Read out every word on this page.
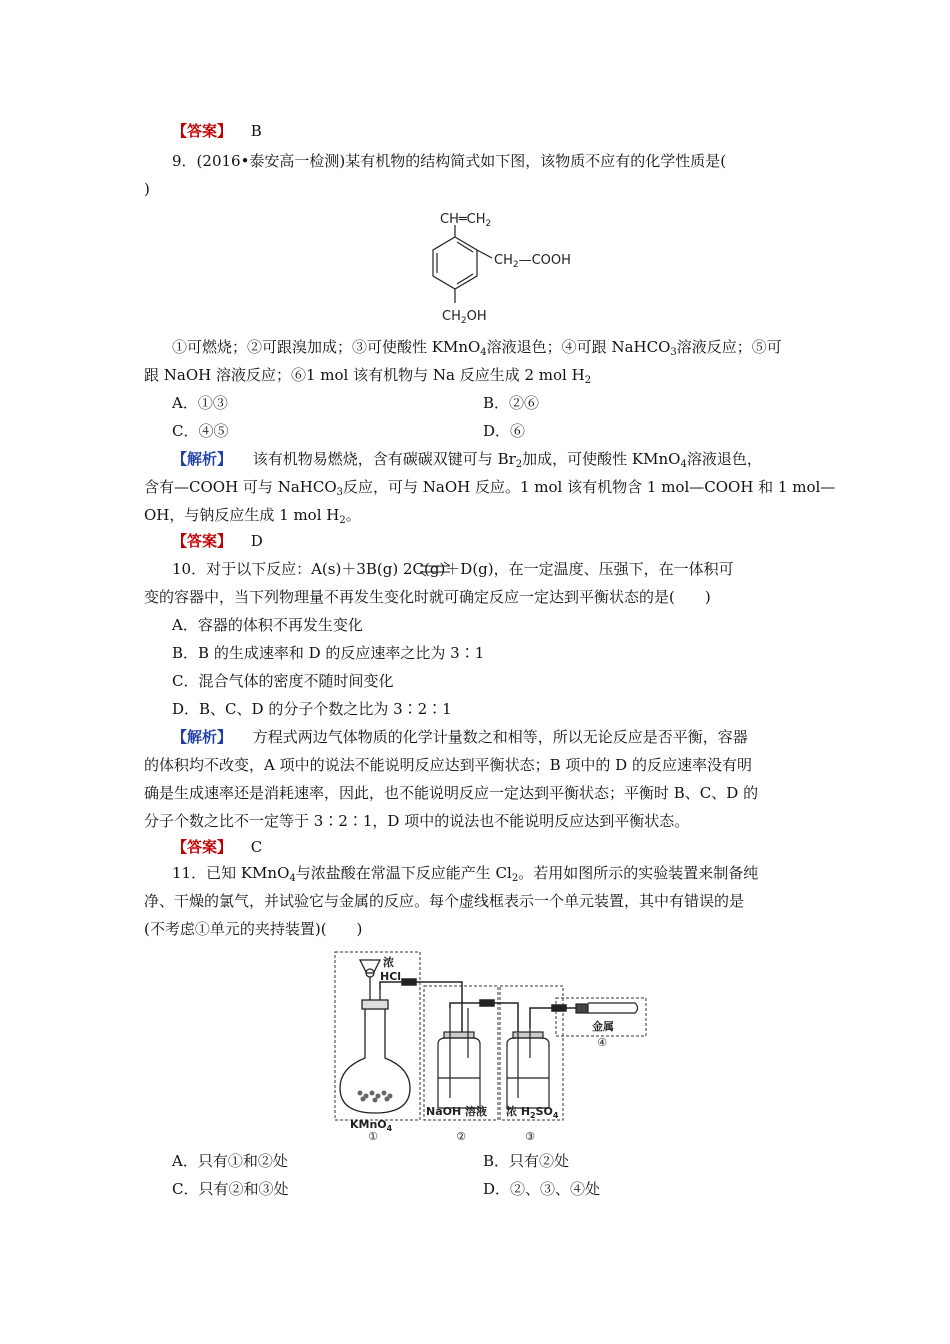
【答案】 B
9．(2016•泰安高一检测)某有机物的结构简式如下图，该物质不应有的化学性质是(
)
$CH═CH_2$
$CH_2—COOH$
$CH_2OH$
①可燃烧；②可跟溴加成；③可使酸性 KMnO$_4$溶液退色；④可跟 NaHCO$_3$溶液反应；⑤可
跟 NaOH 溶液反应；⑥1 mol 该有机物与 Na 反应生成 2 mol $H_2$
A．①③	B．②⑥
C．④⑤	D．⑥
【解析】 该有机物易燃烧，含有碳碳双键可与 $Br_2$加成，可使酸性 KMnO$_4$溶液退色，
含有—COOH 可与 NaHCO$_3$反应，可与 NaOH 反应。1 mol 该有机物含 1 mol—COOH 和 1 mol—
OH，与钠反应生成 1 mol $H_2$。
【答案】 D
10．对于以下反应：A(s)＋3B(g) 2C(g)＋D(g)，在一定温度、压强下，在一体积可
变的容器中，当下列物理量不再发生变化时就可确定反应一定达到平衡状态的是(　　)
A．容器的体积不再发生变化
B．B 的生成速率和 D 的反应速率之比为 3∶1
C．混合气体的密度不随时间变化
D．B、C、D 的分子个数之比为 3∶2∶1
【解析】 方程式两边气体物质的化学计量数之和相等，所以无论反应是否平衡，容器
的体积均不改变，A 项中的说法不能说明反应达到平衡状态；B 项中的 D 的反应速率没有明
确是生成速率还是消耗速率，因此，也不能说明反应一定达到平衡状态；平衡时 B、C、D 的
分子个数之比不一定等于 3∶2∶1，D 项中的说法也不能说明反应达到平衡状态。
【答案】 C
11．已知 KMnO$_4$与浓盐酸在常温下反应能产生 $Cl_2$。若用如图所示的实验装置来制备纯
净、干燥的氯气，并试验它与金属的反应。每个虚线框表示一个单元装置，其中有错误的是
(不考虑①单元的夹持装置)(　　)
浓
HCl
KMnO$_4$
①
NaOH 溶液
②
浓 $H_2SO_4$
③
金属
④
A．只有①和②处	B．只有②处
C．只有②和③处	D．②、③、④处
